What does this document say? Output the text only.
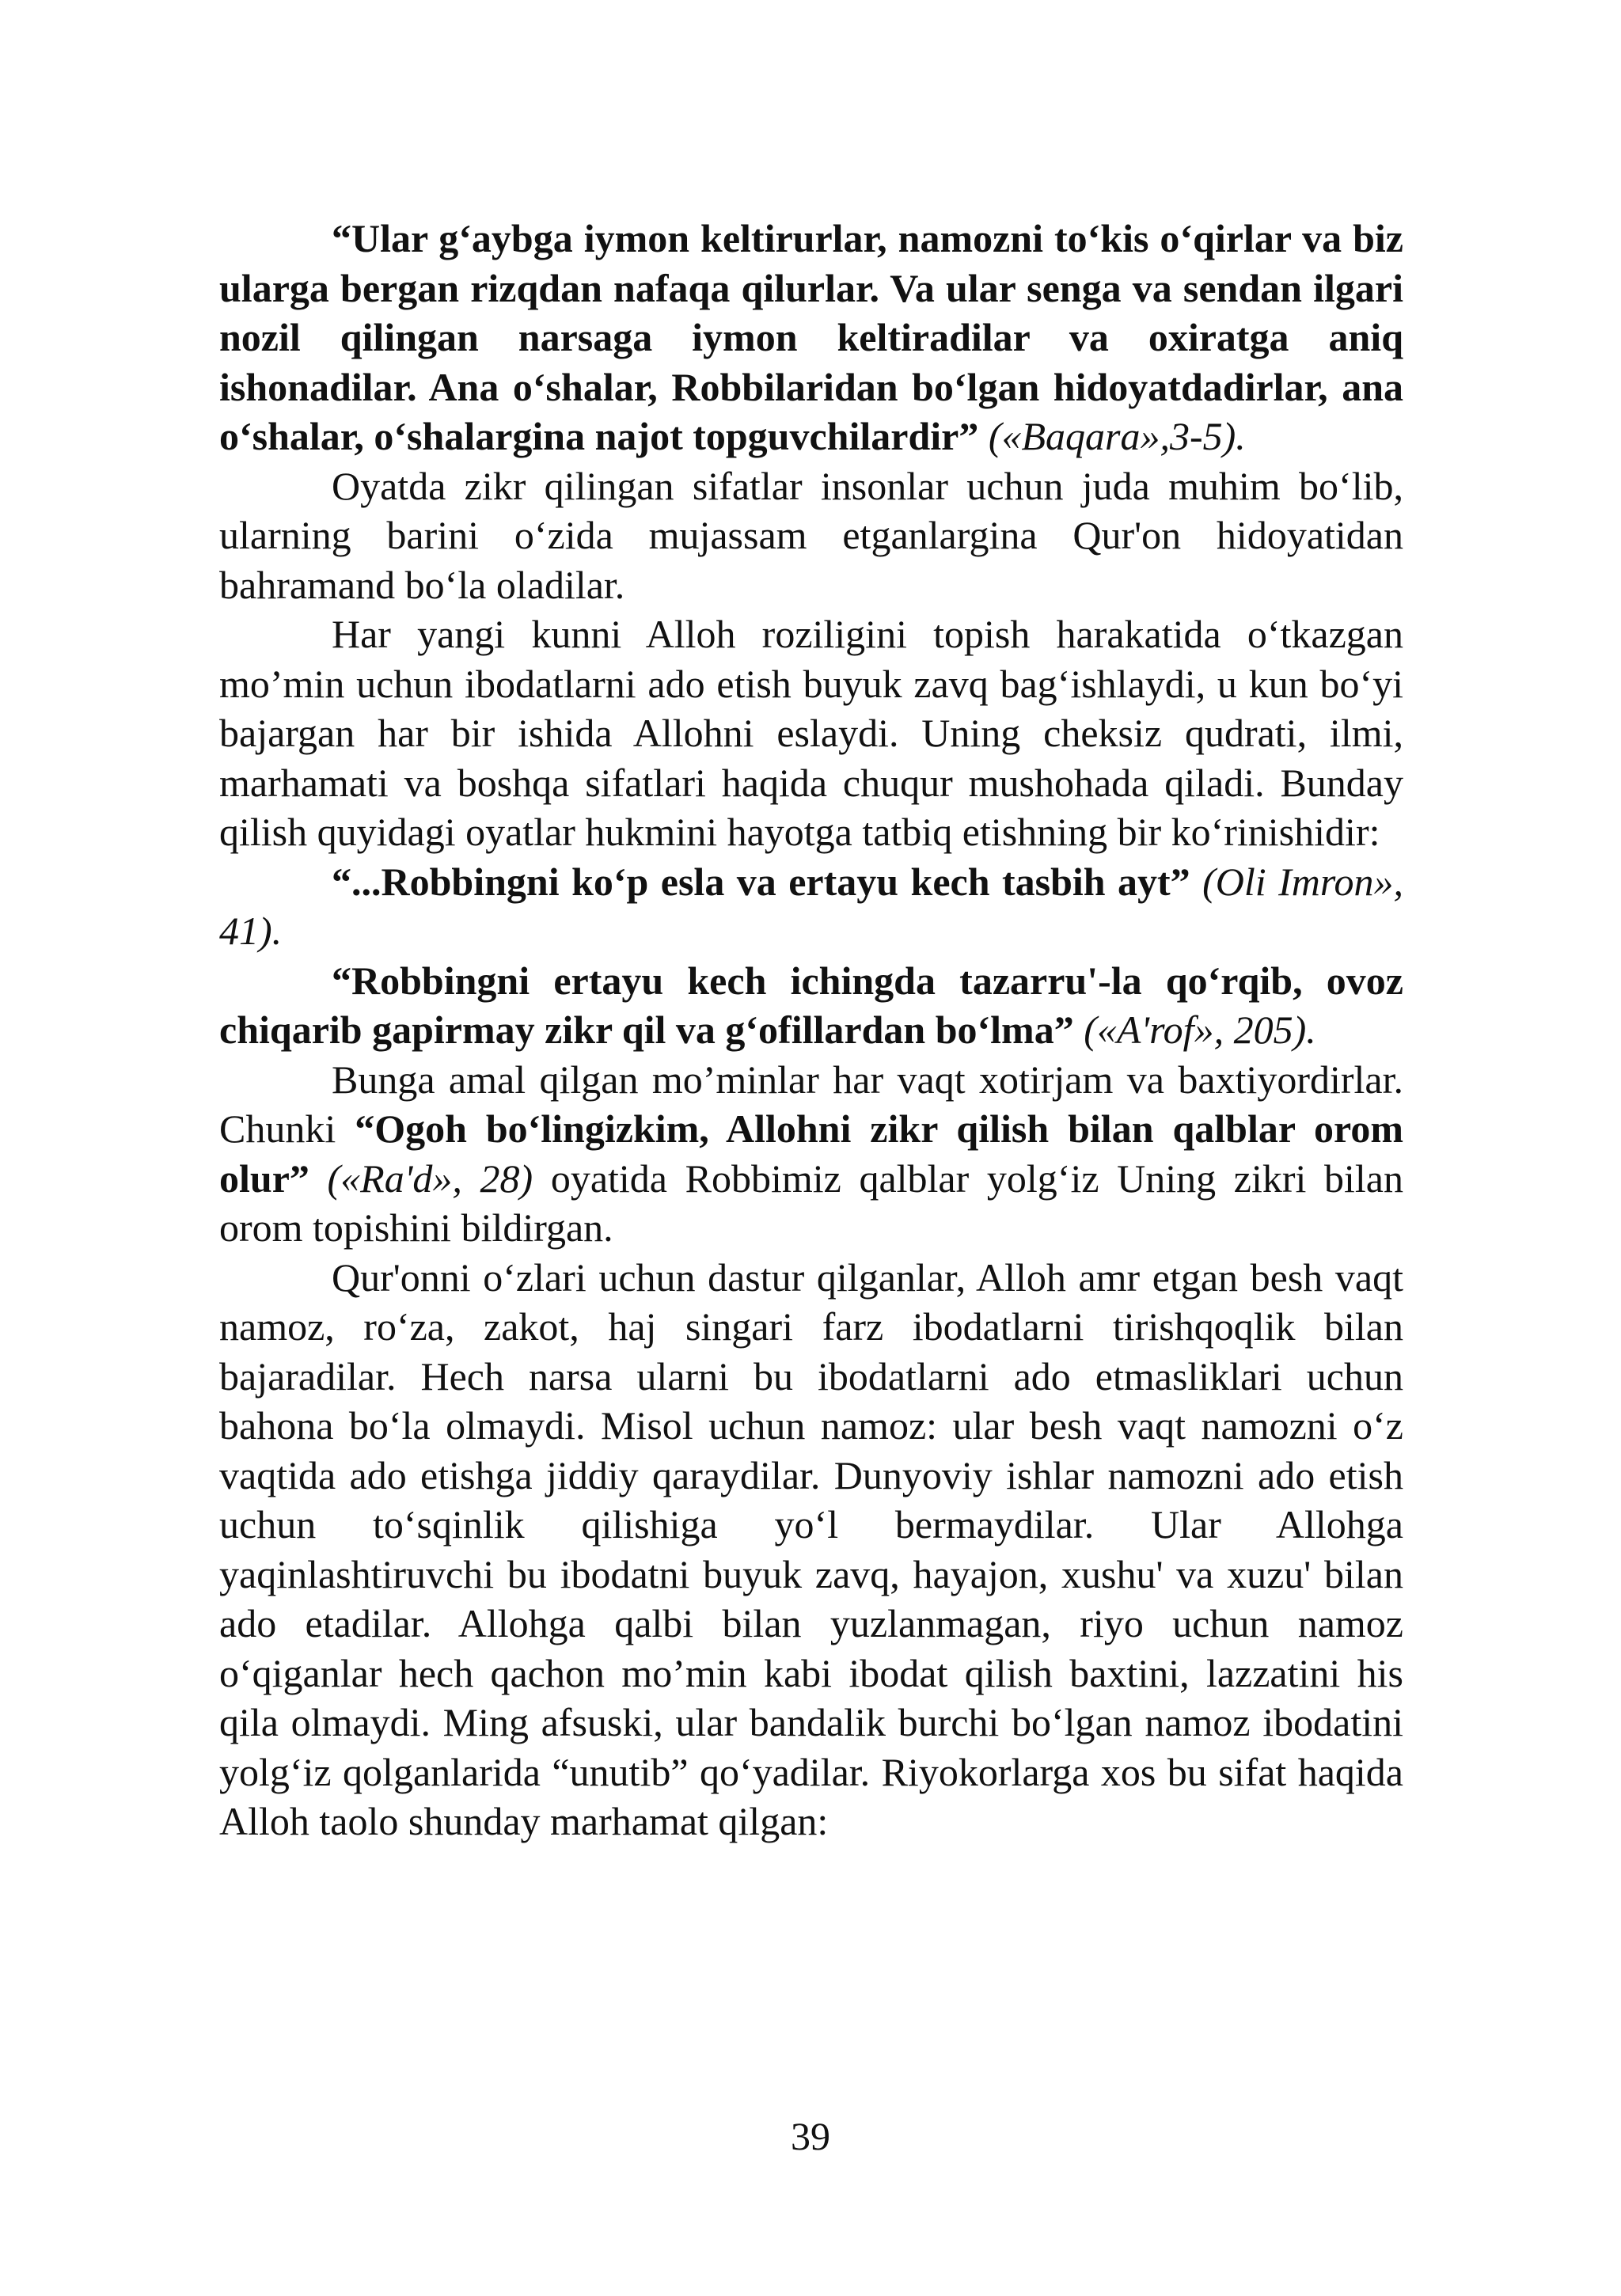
“Ular g‘aybga iymon keltirurlar, namozni to‘kis o‘qirlar va biz ularga bergan rizqdan nafaqa qilurlar. Va ular senga va sendan ilgari nozil qilingan narsaga iymon keltiradilar va oxiratga aniq ishonadilar. Ana o‘shalar, Robbilaridan bo‘lgan hidoyatdadirlar, ana o‘shalar, o‘shalargina najot topguvchilardir” («Baqara»,3-5).

Oyatda zikr qilingan sifatlar insonlar uchun juda muhim bo‘lib, ularning barini o‘zida mujassam etganlargina Qur'on hidoyatidan bahramand bo‘la oladilar.

Har yangi kunni Alloh roziligini topish harakatida o‘tkazgan mo’min uchun ibodatlarni ado etish buyuk zavq bag‘ishlaydi, u kun bo‘yi bajargan har bir ishida Allohni eslaydi. Uning cheksiz qudrati, ilmi, marhamati va boshqa sifatlari haqida chuqur mushohada qiladi. Bunday qilish quyidagi oyatlar hukmini hayotga tatbiq etishning bir ko‘rinishidir:

“...Robbingni ko‘p esla va ertayu kech tasbih ayt” (Oli Imron», 41).

“Robbingni ertayu kech ichingda tazarru'-la qo‘rqib, ovoz chiqarib gapirmay zikr qil va g‘ofillardan bo‘lma” («A'rof», 205).

Bunga amal qilgan mo’minlar har vaqt xotirjam va baxtiyordirlar. Chunki “Ogoh bo‘lingizkim, Allohni zikr qilish bilan qalblar orom olur” («Ra'd», 28) oyatida Robbimiz qalblar yolg‘iz Uning zikri bilan orom topishini bildirgan.

Qur'onni o‘zlari uchun dastur qilganlar, Alloh amr etgan besh vaqt namoz, ro‘za, zakot, haj singari farz ibodatlarni tirishqoqlik bilan bajaradilar. Hech narsa ularni bu ibodatlarni ado etmasliklari uchun bahona bo‘la olmaydi. Misol uchun namoz: ular besh vaqt namozni o‘z vaqtida ado etishga jiddiy qaraydilar. Dunyoviy ishlar namozni ado etish uchun to‘sqinlik qilishiga yo‘l bermaydilar. Ular Allohga yaqinlashtiruvchi bu ibodatni buyuk zavq, hayajon, xushu' va xuzu' bilan ado etadilar. Allohga qalbi bilan yuzlanmagan, riyo uchun namoz o‘qiganlar hech qachon mo’min kabi ibodat qilish baxtini, lazzatini his qila olmaydi. Ming afsuski, ular bandalik burchi bo‘lgan namoz ibodatini yolg‘iz qolganlarida “unutib” qo‘yadilar. Riyokorlarga xos bu sifat haqida Alloh taolo shunday marhamat qilgan:

39
